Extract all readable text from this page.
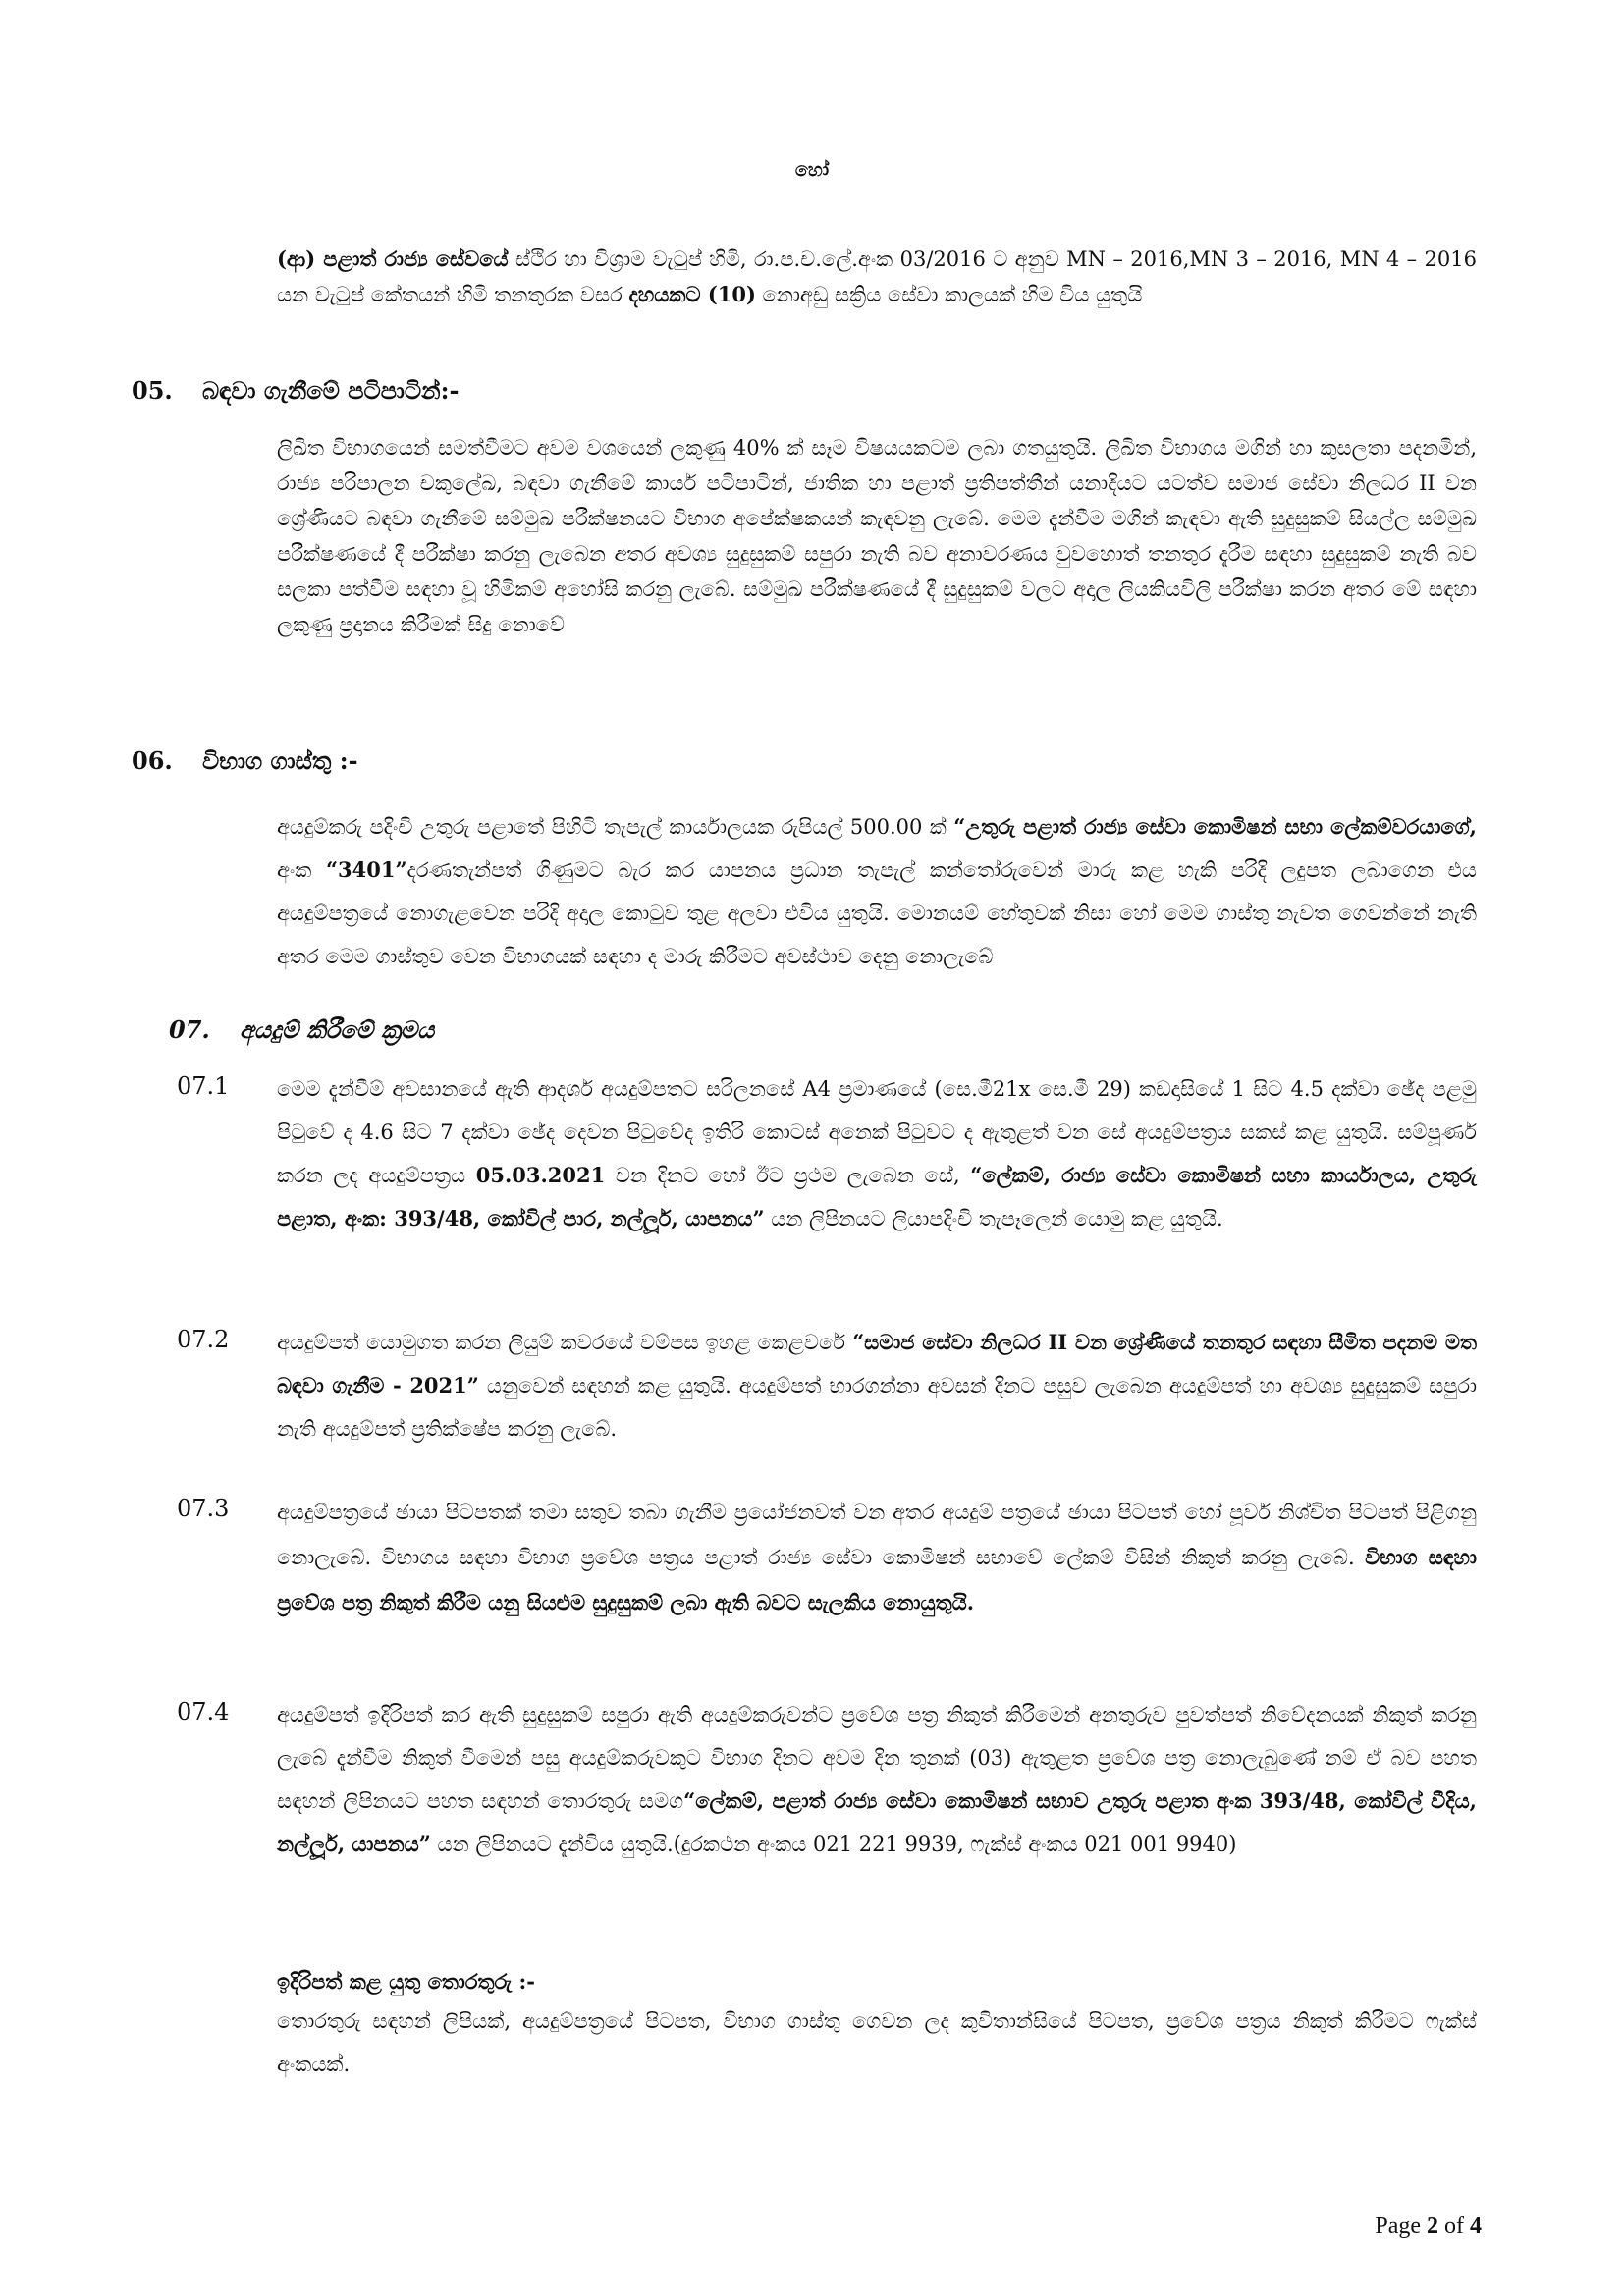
හෝ
(ආ) පළාත් රාජ්‍ය සේවයේ ස්ථිර හා විශ්‍රාම වැටුප් හිමි, රා.ප.ච.ලේ.අංක 03/2016 ට අනුව MN – 2016,MN 3 – 2016, MN 4 – 2016 යන වැටුප් කේතයන් හිමි තනතුරක වසර දහයකට (10) නොඅඩු සක්‍රිය සේවා කාලයක් හිම විය යුතුයි
05. බඳවා ගැනීමේ පටිපාටින්:-
ලිඛිත විභාගයෙන් සමත්වීමට අවම වශයෙන් ලකුණු 40% ක් සෑම විෂයයකටම ලබා ගතයුතුයි. ලිඛිත විභාගය මගින් හා කුසලතා පදනමින්, රාජ්‍ය පරිපාලන චකුලේඛ, බඳවා ගැනීමේ කාර්ය පටිපාටින්, ජාතික හා පළාත් ප්‍රතිපත්තීන් යනාදියට යටත්ව සමාජ සේවා නිලධර II වන ශ්‍රේණියට බඳවා ගැනීමේ සම්මුඛ පරීක්ෂනයට විභාග අපේක්ෂකයන් කැඳවනු ලැබේ. මෙම දැන්වීම මගින් කැඳවා ඇති සුදුසුකම් සියල්ල සම්මුඛ පරීක්ෂණයේ දී පරීක්ෂා කරනු ලැබෙන අතර අවශ්‍ය සුදුසුකම් සපුරා නැති බව අනාවරණය වුවහොත් තනතුර දැරීම සඳහා සුදුසුකම් නැති බව සලකා පත්වීම සඳහා වූ හිමිකම් අහෝසි කරනු ලැබේ. සම්මුඛ පරීක්ෂණයේ දී සුදුසුකම් වලට අදාල ලියකියවිලි පරීක්ෂා කරන අතර මේ සඳහා ලකුණු ප්‍රදානය කිරීමක් සිදු නොවේ
06. විභාග ගාස්තු :-
අයදුම්කරු පදිංචි උතුරු පළාතේ පිහිටි තැපැල් කාර්යාලයක රුපියල් 500.00 ක් “උතුරු පළාත් රාජ්‍ය සේවා කොමිෂන් සභා ලේකම්වරයාගේ, අංක “3401”දරණතැන්පත් ගිණුමට බැර කර යාපනය ප්‍රධාන තැපැල් කන්තෝරුවෙන් මාරු කළ හැකි පරිදි ලදුපත ලබාගෙන එය අයදුම්පත්‍රයේ නොගැළවෙන පරිදි අදාල කොටුව තුළ අලවා එවිය යුතුයි. මොනයම් හේතුවක් නිසා හෝ මෙම ගාස්තු නැවත ගෙවන්නේ නැති අතර මෙම ගාස්තුව වෙන විභාගයක් සඳහා ද මාරු කිරීමට අවස්ථාව දෙනු නොලැබේ
07. අයදුම් කිරීමේ ක්‍රමය
07.1 මෙම දැන්වීම් අවසානයේ ඇති ආදර්ශ අයදුම්පතට සරිලනසේ A4 ප්‍රමාණයේ (සෙ.මී21x සෙ.මී 29) කඩදාසියේ 1 සිට 4.5 දක්වා ඡේද පළමු පිටුවේ ද 4.6 සිට 7 දක්වා ඡේද දෙවන පිටුවේද ඉතිරි කොටස් අනෙක් පිටුවට ද ඇතුළත් වන සේ අයදුම්පත්‍රය සකස් කළ යුතුයි. සම්පූර්ණ කරන ලද අයදුම්පත්‍රය 05.03.2021 වන දිනට හෝ ඊට ප්‍රථම ලැබෙන සේ, “ලේකම්, රාජ්‍ය සේවා කොමිෂන් සභා කාර්යාලය, උතුරු පළාත, අංක: 393/48, කෝවිල් පාර, නල්ලූර්, යාපනය” යන ලිපිනයට ලියාපදිංචි තැපෑලෙන් යොමු කළ යුතුයි.
07.2 අයදුම්පත් යොමුගත කරන ලියුම් කවරයේ වම්පස ඉහළ කෙළවරේ “සමාජ සේවා නිලධර II වන ශ්‍රේණියේ තනතුර සඳහා සීමිත පදනම මත බඳවා ගැනීම - 2021” යනුවෙන් සඳහන් කළ යුතුයි. අයදුම්පත් භාරගන්නා අවසන් දිනට පසුව ලැබෙන අයදුම්පත් හා අවශ්‍ය සුදුසුකම් සපුරා නැති අයදුම්පත් ප්‍රතික්ෂේප කරනු ලැබේ.
07.3 අයදුම්පත්‍රයේ ඡායා පිටපතක් තමා සතුව තබා ගැනීම ප්‍රයෝජනවත් වන අතර අයදුම් පත්‍රයේ ඡායා පිටපත් හෝ පූර්ව නිශ්චිත පිටපත් පිළිගනු නොලැබේ. විභාගය සඳහා විභාග ප්‍රවේශ පත්‍රය පළාත් රාජ්‍ය සේවා කොමිෂන් සභාවේ ලේකම් විසින් නිකුත් කරනු ලැබේ. විභාග සඳහා ප්‍රවේශ පත්‍ර නිකුත් කිරීම යනු සියළුම සුදුසුකම් ලබා ඇති බවට සැලකිය නොයුතුයි.
07.4 අයදුම්පත් ඉදිරිපත් කර ඇති සුදුසුකම් සපුරා ඇති අයදුම්කරුවන්ට ප්‍රවේශ පත්‍ර නිකුත් කිරීමෙන් අනතුරුව පුවත්පත් නිවේදනයක් නිකුත් කරනු ලැබේ දැන්වීම නිකුත් වීමෙන් පසු අයදුම්කරුවකුට විභාග දිනට අවම දින තුනක් (03) ඇතුළත ප්‍රවේශ පත්‍ර නොලැබුණේ නම් ඒ බව පහත සඳහන් ලිපිනයට පහත සඳහන් තොරතුරු සමග“ලේකම්, පළාත් රාජ්‍ය සේවා කොමිෂන් සභාව උතුරු පළාත අංක 393/48, කෝවිල් වීදිය, නල්ලූර්, යාපනය” යන ලිපිනයට දැන්විය යුතුයි.(දුරකථන අංකය 021 221 9939, ෆැක්ස් අංකය 021 001 9940)
ඉදිරිපත් කළ යුතු තොරතුරු :-
තොරතුරු සඳහන් ලිපියක්, අයදුම්පත්‍රයේ පිටපත, විභාග ගාස්තු ගෙවන ලද කුවිතාන්සියේ පිටපත, ප්‍රවේශ පත්‍රය නිකුත් කිරීමට ෆැක්ස් අංකයක්.
Page 2 of 4
